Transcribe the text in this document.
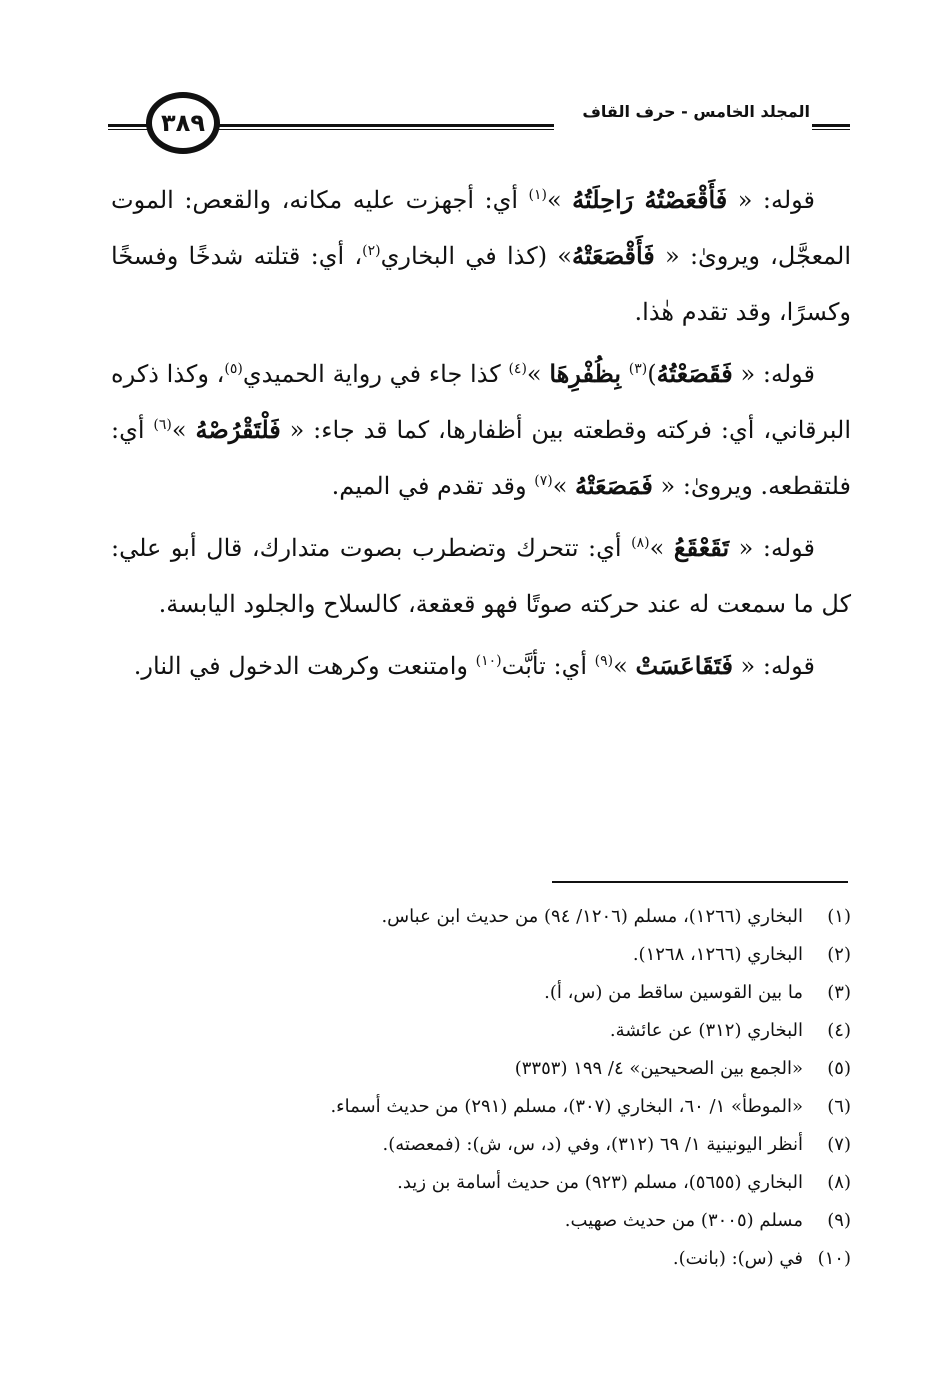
المجلد الخامس - حرف القاف
٣٨٩

قوله: « فَأَقْعَصْتُهُ رَاحِلَتُهُ »$^{(١)}$ أي: أجهزت عليه مكانه، والقعص: الموت المعجَّل، ويروىٰ: « فَأَقْصَعَتْهُ» (كذا في البخاري$^{(٢)}$، أي: قتلته شدخًا وفسخًا وكسرًا، وقد تقدم هٰذا.

قوله: « فَقَصَعْتُهُ)$^{(٣)}$ بِظُفْرِهَا »$^{(٤)}$ كذا جاء في رواية الحميدي$^{(٥)}$، وكذا ذكره البرقاني، أي: فركته وقطعته بين أظفارها، كما قد جاء: « فَلْتَقْرُصْهُ »$^{(٦)}$ أي: فلتقطعه. ويروىٰ: « فَمَصَعَتْهُ »$^{(٧)}$ وقد تقدم في الميم.

قوله: « تَقَعْقَعُ »$^{(٨)}$ أي: تتحرك وتضطرب بصوت متدارك، قال أبو علي: كل ما سمعت له عند حركته صوتًا فهو قعقعة، كالسلاح والجلود اليابسة.

قوله: « فَتَقَاعَسَتْ »$^{(٩)}$ أي: تأبَّت$^{(١٠)}$ وامتنعت وكرهت الدخول في النار.

(١)
البخاري (١٢٦٦)، مسلم (١٢٠٦/ ٩٤) من حديث ابن عباس.
(٢)
البخاري (١٢٦٦، ١٢٦٨).
(٣)
ما بين القوسين ساقط من (س، أ).
(٤)
البخاري (٣١٢) عن عائشة.
(٥)
«الجمع بين الصحيحين» ٤/ ١٩٩ (٣٣٥٣)
(٦)
«الموطأ» ١/ ٦٠، البخاري (٣٠٧)، مسلم (٢٩١) من حديث أسماء.
(٧)
أنظر اليونينية ١/ ٦٩ (٣١٢)، وفي (د، س، ش): (فمعصته).
(٨)
البخاري (٥٦٥٥)، مسلم (٩٢٣) من حديث أسامة بن زيد.
(٩)
مسلم (٣٠٠٥) من حديث صهيب.
(١٠)
في (س): (بانت).
